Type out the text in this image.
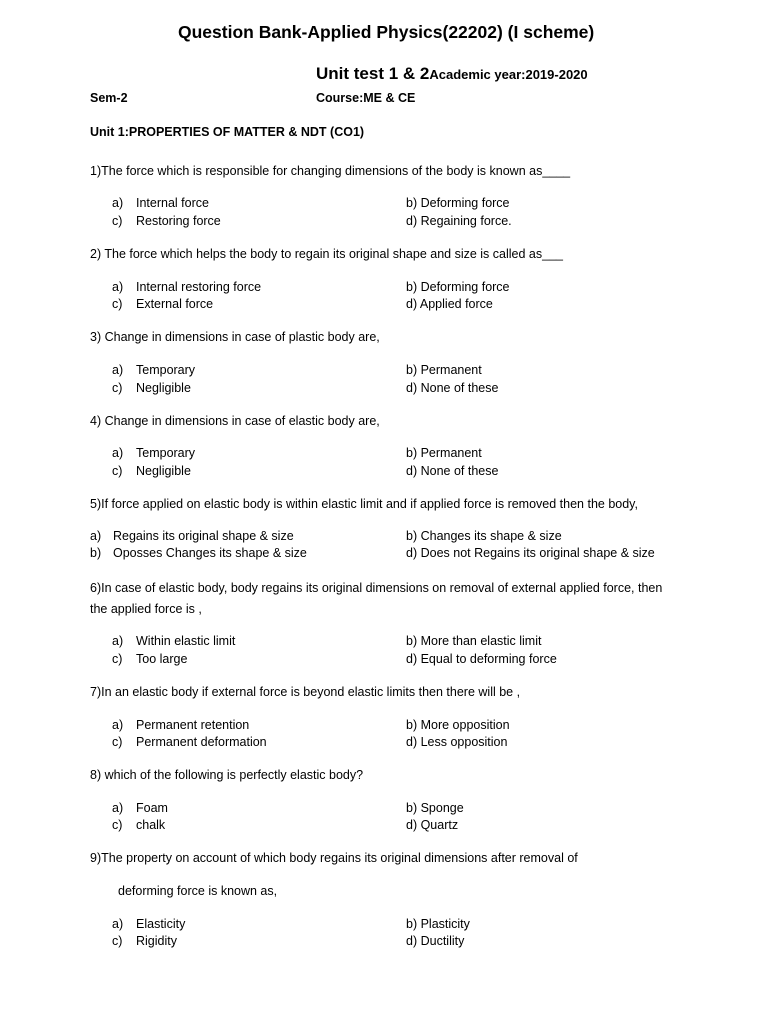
Question Bank-Applied Physics(22202) (I scheme)
Unit test 1 & 2Academic year:2019-2020
Sem-2	Course:ME & CE
Unit 1:PROPERTIES OF MATTER & NDT (CO1)
1)The force which is responsible for changing dimensions of the body is known as____
a) Internal force
c) Restoring force
b) Deforming force
d) Regaining force.
2) The force which helps the body to regain its original shape and size is called as___
a) Internal restoring force
c) External force
b) Deforming force
d) Applied force
3) Change in dimensions in case of plastic body are,
a) Temporary
c) Negligible
b) Permanent
d) None of these
4) Change in dimensions in case of elastic body are,
a) Temporary
c) Negligible
b) Permanent
d) None of these
5)If force applied on elastic body is within elastic limit and if applied force is removed then the body,
a) Regains its original shape & size
b) Oposses Changes its shape & size
b) Changes its shape & size
d) Does not Regains its original shape & size
6)In case of elastic body, body regains its original dimensions on removal of external applied force, then
the applied force is ,
a) Within elastic limit
c) Too large
b) More than elastic limit
d) Equal to deforming force
7)In an elastic body if external force is beyond elastic limits then there will be ,
a) Permanent retention
c) Permanent deformation
b) More opposition
d) Less opposition
8) which of the following is perfectly elastic body?
a) Foam
c) chalk
b) Sponge
d) Quartz
9)The property on account of which body regains its original dimensions after removal of
deforming force is known as,
a) Elasticity
c) Rigidity
b) Plasticity
d) Ductility
